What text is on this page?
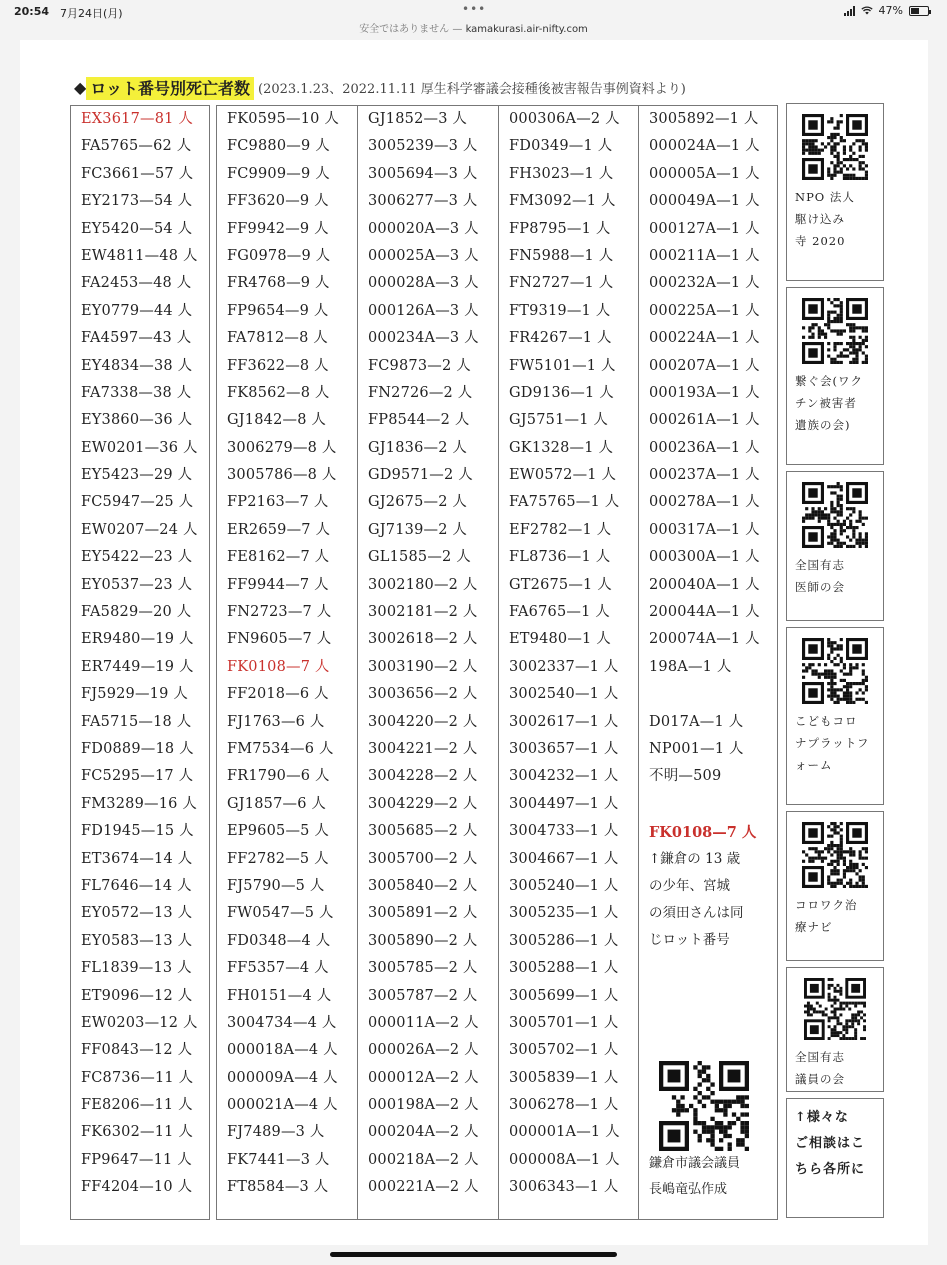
20:54 7月24日(月)	•••	47%
安全ではありません — kamakurasi.air-nifty.com
◆ ロット番号別死亡者数 (2023.1.23、2022.11.11 厚生科学審議会接種後被害報告事例資料より)
EX3617—81 人
FA5765—62 人
FC3661—57 人
EY2173—54 人
EY5420—54 人
EW4811—48 人
FA2453—48 人
EY0779—44 人
FA4597—43 人
EY4834—38 人
FA7338—38 人
EY3860—36 人
EW0201—36 人
EY5423—29 人
FC5947—25 人
EW0207—24 人
EY5422—23 人
EY0537—23 人
FA5829—20 人
ER9480—19 人
ER7449—19 人
FJ5929—19 人
FA5715—18 人
FD0889—18 人
FC5295—17 人
FM3289—16 人
FD1945—15 人
ET3674—14 人
FL7646—14 人
EY0572—13 人
EY0583—13 人
FL1839—13 人
ET9096—12 人
EW0203—12 人
FF0843—12 人
FC8736—11 人
FE8206—11 人
FK6302—11 人
FP9647—11 人
FF4204—10 人
FK0595—10 人
FC9880—9 人
FC9909—9 人
FF3620—9 人
FF9942—9 人
FG0978—9 人
FR4768—9 人
FP9654—9 人
FA7812—8 人
FF3622—8 人
FK8562—8 人
GJ1842—8 人
3006279—8 人
3005786—8 人
FP2163—7 人
ER2659—7 人
FE8162—7 人
FF9944—7 人
FN2723—7 人
FN9605—7 人
FK0108—7 人
FF2018—6 人
FJ1763—6 人
FM7534—6 人
FR1790—6 人
GJ1857—6 人
EP9605—5 人
FF2782—5 人
FJ5790—5 人
FW0547—5 人
FD0348—4 人
FF5357—4 人
FH0151—4 人
3004734—4 人
000018A—4 人
000009A—4 人
000021A—4 人
FJ7489—3 人
FK7441—3 人
FT8584—3 人
GJ1852—3 人
3005239—3 人
3005694—3 人
3006277—3 人
000020A—3 人
000025A—3 人
000028A—3 人
000126A—3 人
000234A—3 人
FC9873—2 人
FN2726—2 人
FP8544—2 人
GJ1836—2 人
GD9571—2 人
GJ2675—2 人
GJ7139—2 人
GL1585—2 人
3002180—2 人
3002181—2 人
3002618—2 人
3003190—2 人
3003656—2 人
3004220—2 人
3004221—2 人
3004228—2 人
3004229—2 人
3005685—2 人
3005700—2 人
3005840—2 人
3005891—2 人
3005890—2 人
3005785—2 人
3005787—2 人
000011A—2 人
000026A—2 人
000012A—2 人
000198A—2 人
000204A—2 人
000218A—2 人
000221A—2 人
000306A—2 人
FD0349—1 人
FH3023—1 人
FM3092—1 人
FP8795—1 人
FN5988—1 人
FN2727—1 人
FT9319—1 人
FR4267—1 人
FW5101—1 人
GD9136—1 人
GJ5751—1 人
GK1328—1 人
EW0572—1 人
FA75765—1 人
EF2782—1 人
FL8736—1 人
GT2675—1 人
FA6765—1 人
ET9480—1 人
3002337—1 人
3002540—1 人
3002617—1 人
3003657—1 人
3004232—1 人
3004497—1 人
3004733—1 人
3004667—1 人
3005240—1 人
3005235—1 人
3005286—1 人
3005288—1 人
3005699—1 人
3005701—1 人
3005702—1 人
3005839—1 人
3006278—1 人
000001A—1 人
000008A—1 人
3006343—1 人
3005892—1 人
000024A—1 人
000005A—1 人
000049A—1 人
000127A—1 人
000211A—1 人
000232A—1 人
000225A—1 人
000224A—1 人
000207A—1 人
000193A—1 人
000261A—1 人
000236A—1 人
000237A—1 人
000278A—1 人
000317A—1 人
000300A—1 人
200040A—1 人
200044A—1 人
200074A—1 人
198A—1 人
D017A—1 人
NP001—1 人
不明—509
FK0108—7 人
↑鎌倉の 13 歳
の少年、宮城
の須田さんは同
じロット番号
鎌倉市議会議員
長嶋竜弘作成
NPO 法人
駆け込み
寺 2020
繋ぐ会(ワク
チン被害者
遺族の会)
全国有志
医師の会
こどもコロ
ナプラットフ
ォーム
コロワク治
療ナビ
全国有志
議員の会
↑様々な
ご相談はこ
ちら各所に
